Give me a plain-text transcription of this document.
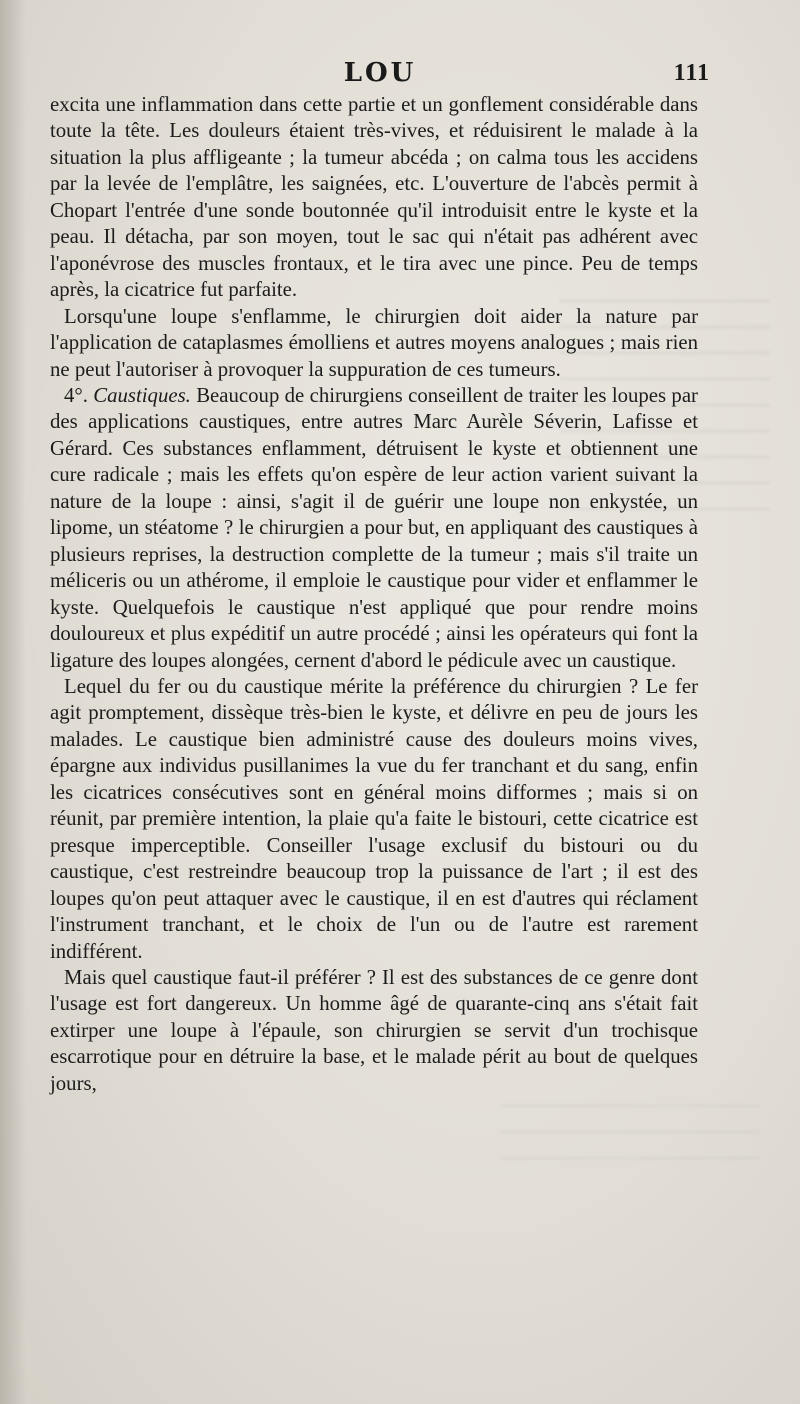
LOU	111

excita une inflammation dans cette partie et un gonflement considérable dans toute la tête. Les douleurs étaient très-vives, et réduisirent le malade à la situation la plus affligeante ; la tumeur abcéda ; on calma tous les accidens par la levée de l'emplâtre, les saignées, etc. L'ouverture de l'abcès permit à Chopart l'entrée d'une sonde boutonnée qu'il introduisit entre le kyste et la peau. Il détacha, par son moyen, tout le sac qui n'était pas adhérent avec l'aponévrose des muscles frontaux, et le tira avec une pince. Peu de temps après, la cicatrice fut parfaite.

Lorsqu'une loupe s'enflamme, le chirurgien doit aider la nature par l'application de cataplasmes émolliens et autres moyens analogues ; mais rien ne peut l'autoriser à provoquer la suppuration de ces tumeurs.

4°. Caustiques. Beaucoup de chirurgiens conseillent de traiter les loupes par des applications caustiques, entre autres Marc Aurèle Séverin, Lafisse et Gérard. Ces substances enflamment, détruisent le kyste et obtiennent une cure radicale ; mais les effets qu'on espère de leur action varient suivant la nature de la loupe : ainsi, s'agit il de guérir une loupe non enkystée, un lipome, un stéatome ? le chirurgien a pour but, en appliquant des caustiques à plusieurs reprises, la destruction complette de la tumeur ; mais s'il traite un méliceris ou un athérome, il emploie le caustique pour vider et enflammer le kyste. Quelquefois le caustique n'est appliqué que pour rendre moins douloureux et plus expéditif un autre procédé ; ainsi les opérateurs qui font la ligature des loupes alongées, cernent d'abord le pédicule avec un caustique.

Lequel du fer ou du caustique mérite la préférence du chirurgien ? Le fer agit promptement, dissèque très-bien le kyste, et délivre en peu de jours les malades. Le caustique bien administré cause des douleurs moins vives, épargne aux individus pusillanimes la vue du fer tranchant et du sang, enfin les cicatrices consécutives sont en général moins difformes ; mais si on réunit, par première intention, la plaie qu'a faite le bistouri, cette cicatrice est presque imperceptible. Conseiller l'usage exclusif du bistouri ou du caustique, c'est restreindre beaucoup trop la puissance de l'art ; il est des loupes qu'on peut attaquer avec le caustique, il en est d'autres qui réclament l'instrument tranchant, et le choix de l'un ou de l'autre est rarement indifférent.

Mais quel caustique faut-il préférer ? Il est des substances de ce genre dont l'usage est fort dangereux. Un homme âgé de quarante-cinq ans s'était fait extirper une loupe à l'épaule, son chirurgien se servit d'un trochisque escarrotique pour en détruire la base, et le malade périt au bout de quelques jours,
